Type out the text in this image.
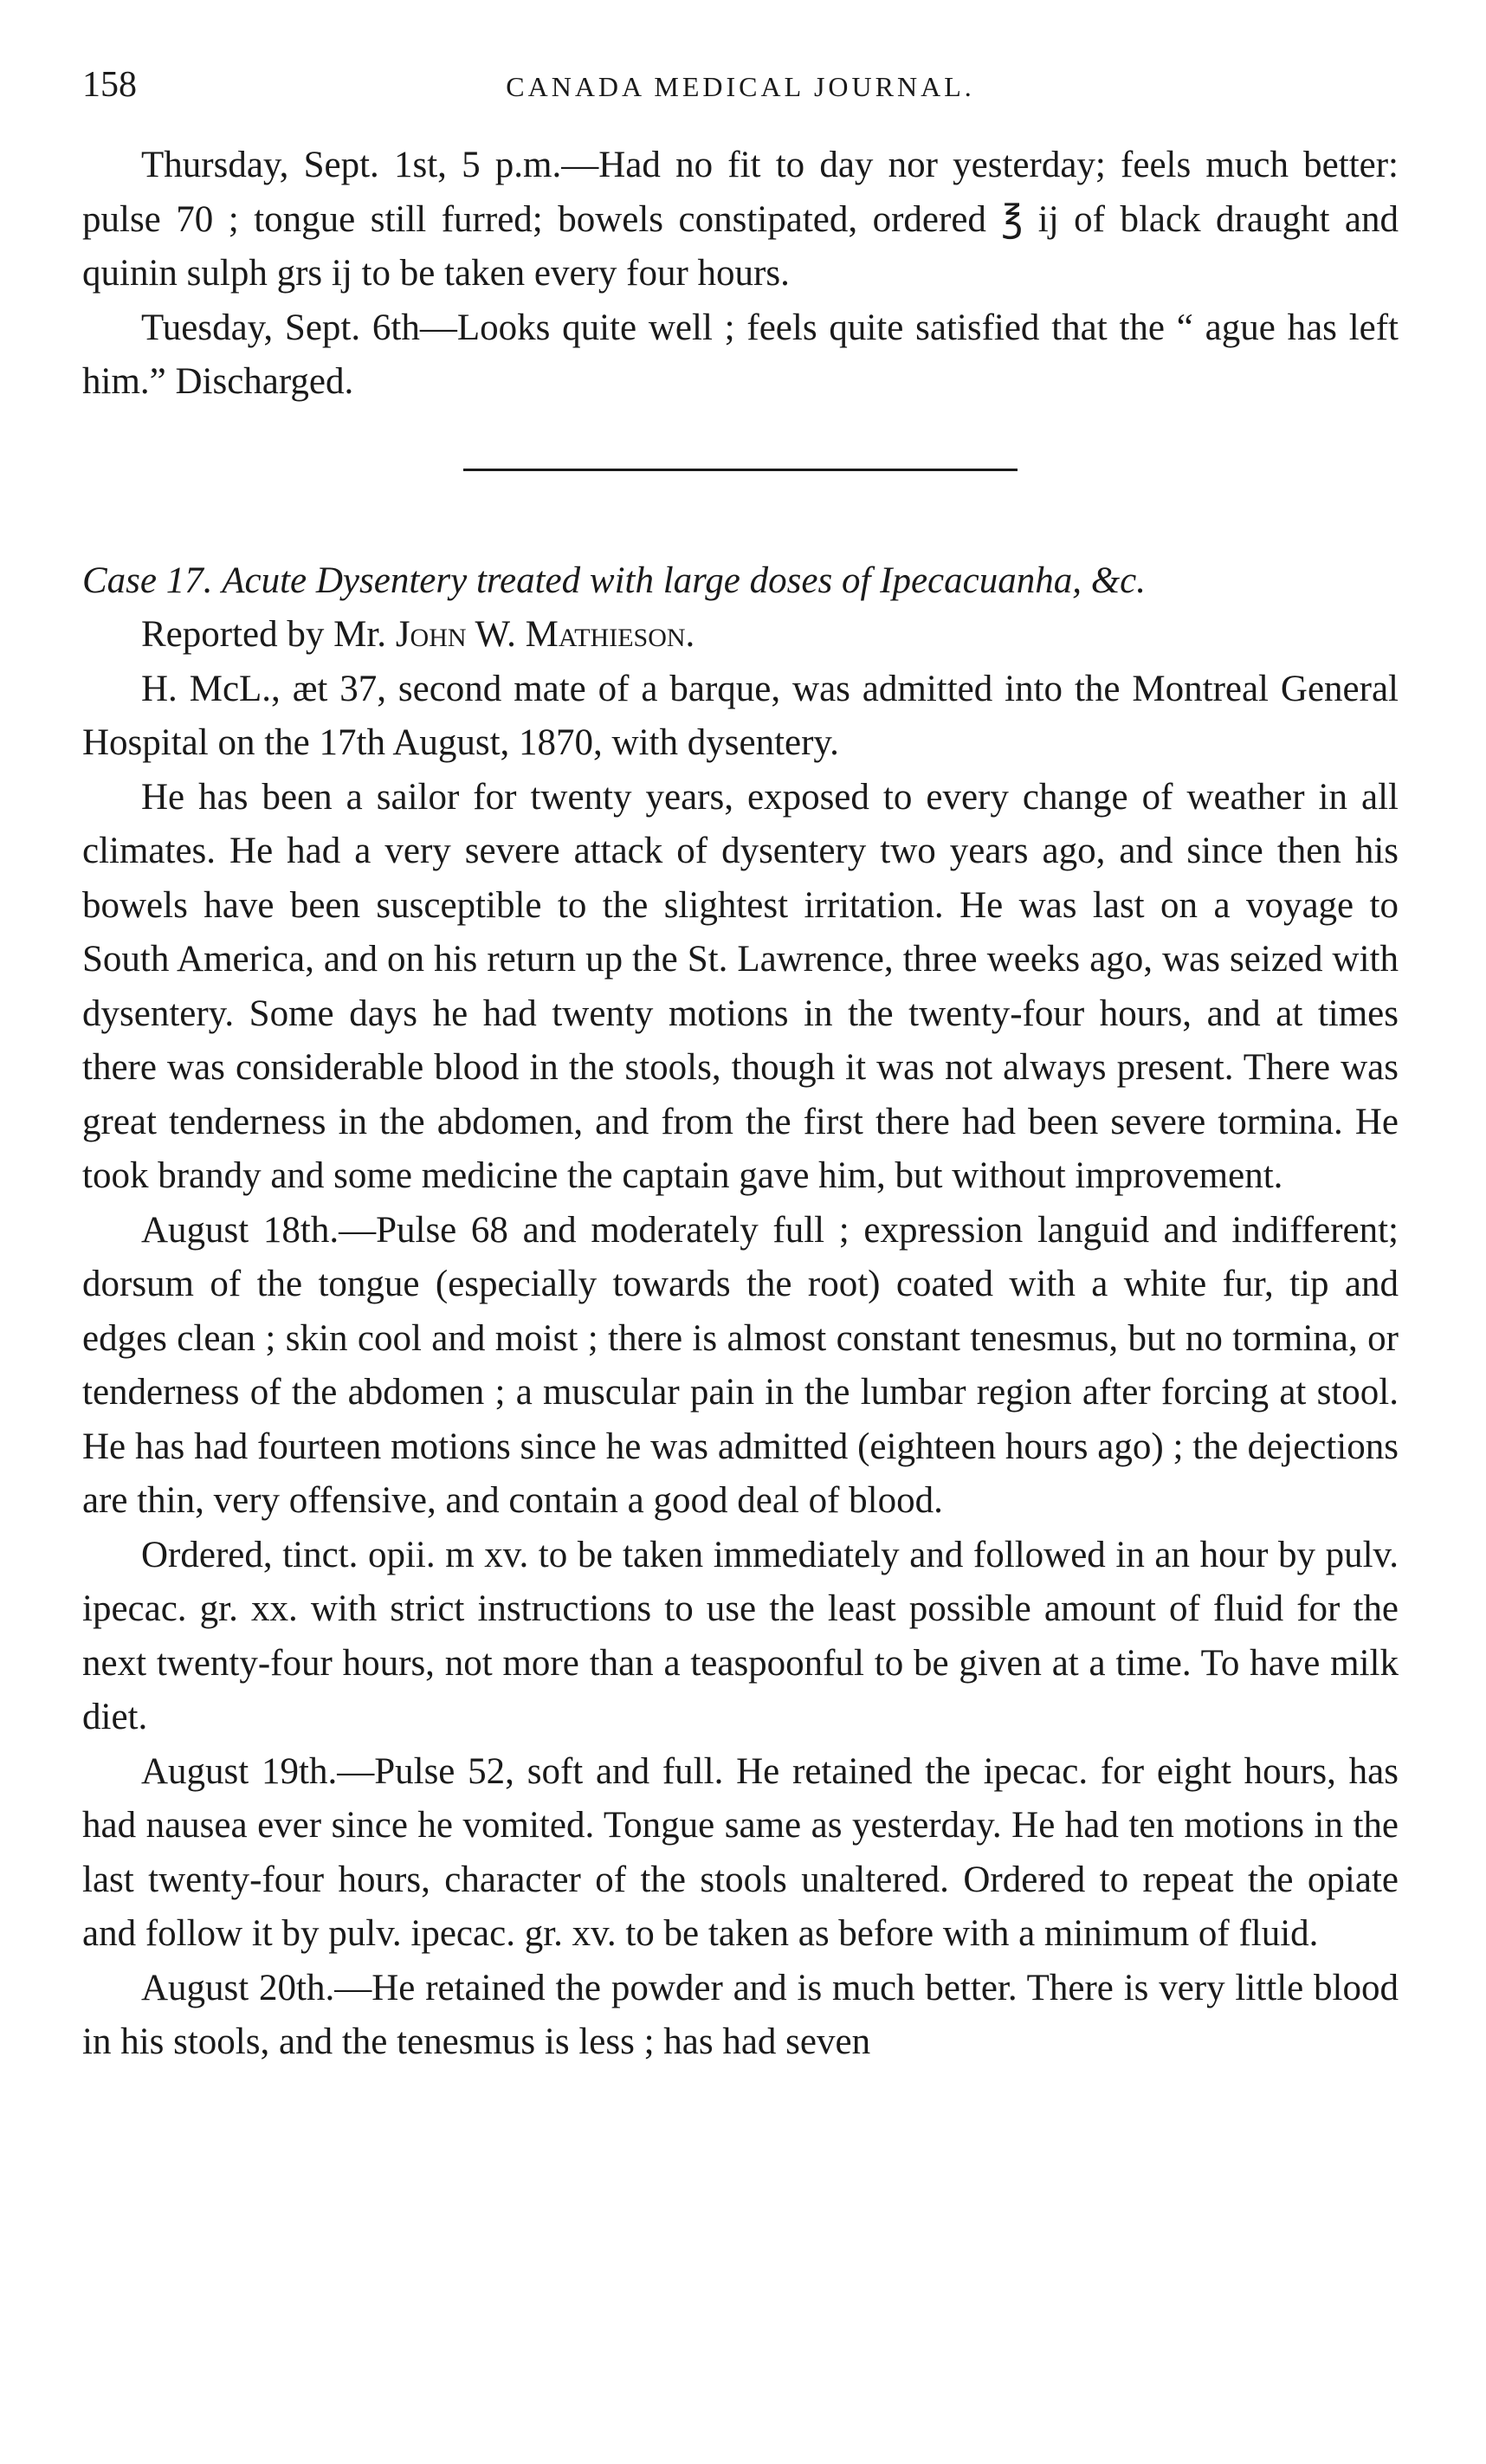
158	CANADA MEDICAL JOURNAL.

Thursday, Sept. 1st, 5 p.m.—Had no fit to day nor yesterday; feels much better: pulse 70 ; tongue still furred; bowels constipated, ordered ℥ ij of black draught and quinin sulph grs ij to be taken every four hours.

Tuesday, Sept. 6th—Looks quite well ; feels quite satisfied that the “ ague has left him.” Discharged.

Case 17. Acute Dysentery treated with large doses of Ipecacuanha, &c.
Reported by Mr. John W. Mathieson.

H. McL., æt 37, second mate of a barque, was admitted into the Montreal General Hospital on the 17th August, 1870, with dysentery.

He has been a sailor for twenty years, exposed to every change of weather in all climates. He had a very severe attack of dysentery two years ago, and since then his bowels have been susceptible to the slightest irritation. He was last on a voyage to South America, and on his return up the St. Lawrence, three weeks ago, was seized with dysentery. Some days he had twenty motions in the twenty-four hours, and at times there was considerable blood in the stools, though it was not always present. There was great tenderness in the abdomen, and from the first there had been severe tormina. He took brandy and some medicine the captain gave him, but without improvement.

August 18th.—Pulse 68 and moderately full ; expression languid and indifferent; dorsum of the tongue (especially towards the root) coated with a white fur, tip and edges clean ; skin cool and moist ; there is almost constant tenesmus, but no tormina, or tenderness of the abdomen ; a muscular pain in the lumbar region after forcing at stool. He has had fourteen motions since he was admitted (eighteen hours ago) ; the dejections are thin, very offensive, and contain a good deal of blood.

Ordered, tinct. opii. m xv. to be taken immediately and followed in an hour by pulv. ipecac. gr. xx. with strict instructions to use the least possible amount of fluid for the next twenty-four hours, not more than a teaspoonful to be given at a time. To have milk diet.

August 19th.—Pulse 52, soft and full. He retained the ipecac. for eight hours, has had nausea ever since he vomited. Tongue same as yesterday. He had ten motions in the last twenty-four hours, character of the stools unaltered. Ordered to repeat the opiate and follow it by pulv. ipecac. gr. xv. to be taken as before with a minimum of fluid.

August 20th.—He retained the powder and is much better. There is very little blood in his stools, and the tenesmus is less ; has had seven
